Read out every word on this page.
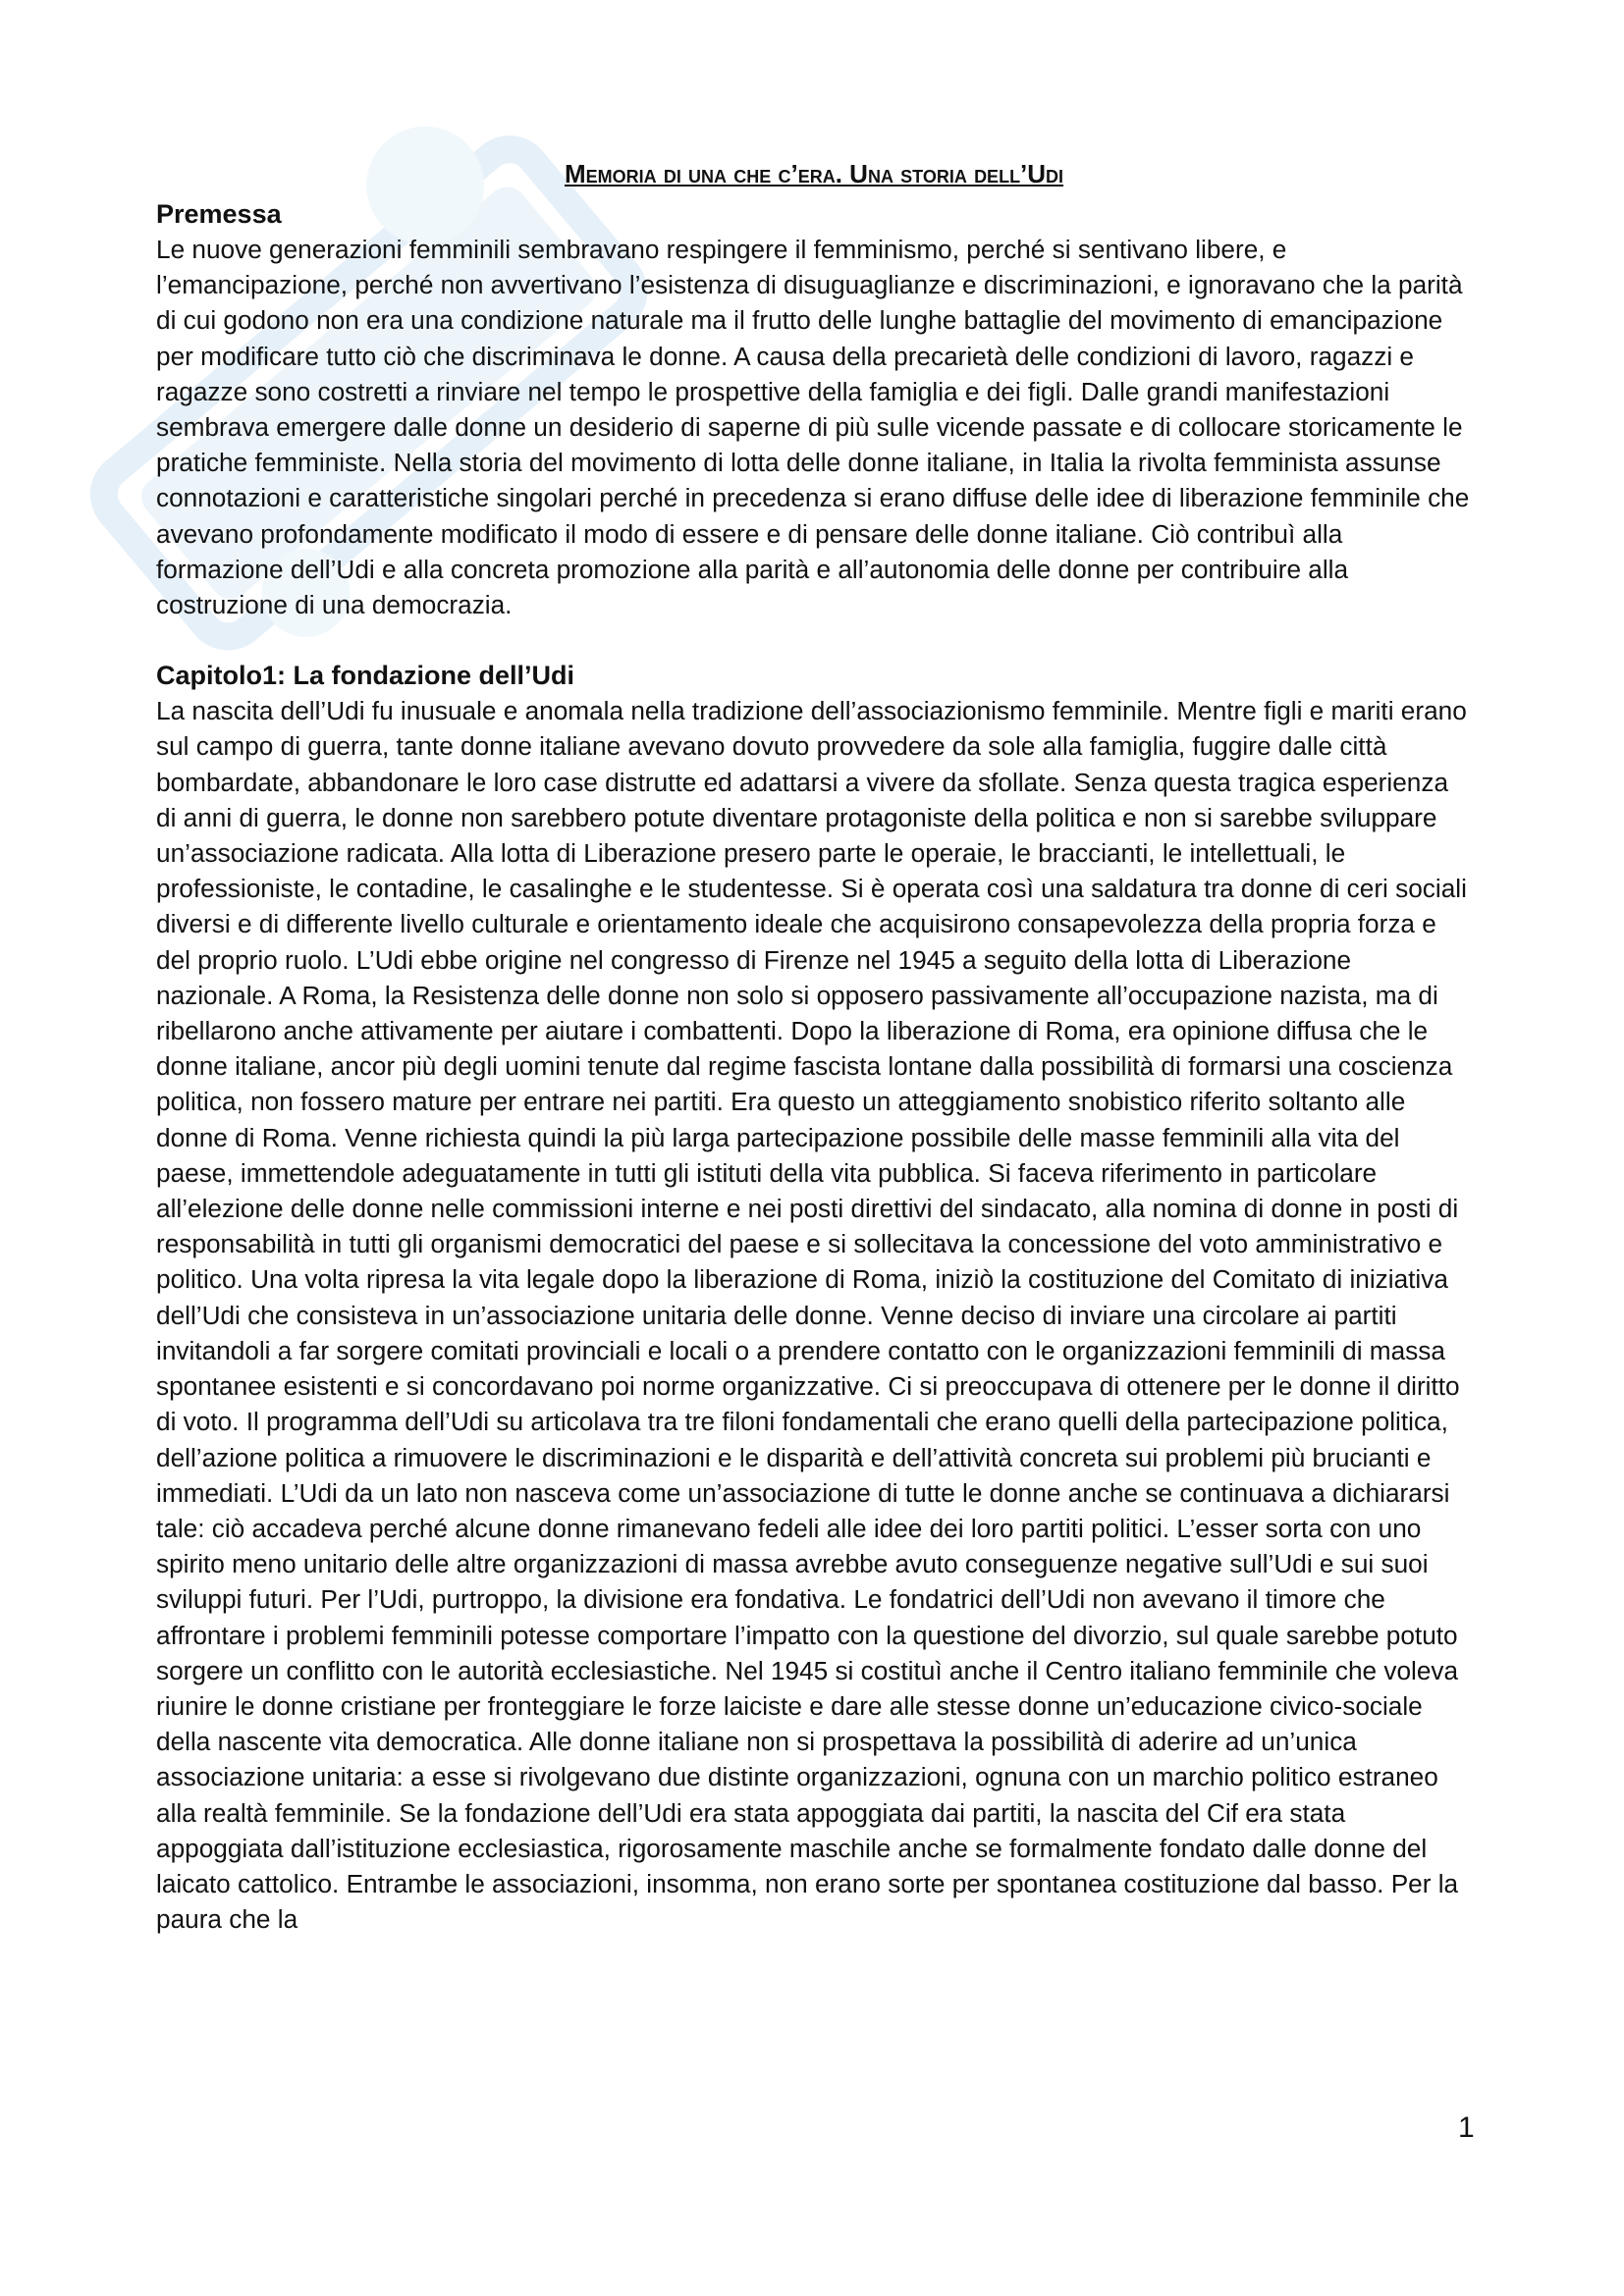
Memoria di una che c’era. Una storia dell’Udi
Premessa

Le nuove generazioni femminili sembravano respingere il femminismo, perché si sentivano libere, e l’emancipazione, perché non avvertivano l’esistenza di disuguaglianze e discriminazioni, e ignoravano che la parità di cui godono non era una condizione naturale ma il frutto delle lunghe battaglie del movimento di emancipazione per modificare tutto ciò che discriminava le donne. A causa della precarietà delle condizioni di lavoro, ragazzi e ragazze sono costretti a rinviare nel tempo le prospettive della famiglia e dei figli. Dalle grandi manifestazioni sembrava emergere dalle donne un desiderio di saperne di più sulle vicende passate e di collocare storicamente le pratiche femministe. Nella storia del movimento di lotta delle donne italiane, in Italia la rivolta femminista assunse connotazioni e caratteristiche singolari perché in precedenza si erano diffuse delle idee di liberazione femminile che avevano profondamente modificato il modo di essere e di pensare delle donne italiane. Ciò contribuì alla formazione dell’Udi e alla concreta promozione alla parità e all’autonomia delle donne per contribuire alla costruzione di una democrazia.

Capitolo1: La fondazione dell’Udi

La nascita dell’Udi fu inusuale e anomala nella tradizione dell’associazionismo femminile. Mentre figli e mariti erano sul campo di guerra, tante donne italiane avevano dovuto provvedere da sole alla famiglia, fuggire dalle città bombardate, abbandonare le loro case distrutte ed adattarsi a vivere da sfollate. Senza questa tragica esperienza di anni di guerra, le donne non sarebbero potute diventare protagoniste della politica e non si sarebbe sviluppare un’associazione radicata. Alla lotta di Liberazione presero parte le operaie, le braccianti, le intellettuali, le professioniste, le contadine, le casalinghe e le studentesse. Si è operata così una saldatura tra donne di ceri sociali diversi e di differente livello culturale e orientamento ideale che acquisirono consapevolezza della propria forza e del proprio ruolo. L’Udi ebbe origine nel congresso di Firenze nel 1945 a seguito della lotta di Liberazione nazionale. A Roma, la Resistenza delle donne non solo si opposero passivamente all’occupazione nazista, ma di ribellarono anche attivamente per aiutare i combattenti. Dopo la liberazione di Roma, era opinione diffusa che le donne italiane, ancor più degli uomini tenute dal regime fascista lontane dalla possibilità di formarsi una coscienza politica, non fossero mature per entrare nei partiti. Era questo un atteggiamento snobistico riferito soltanto alle donne di Roma. Venne richiesta quindi la più larga partecipazione possibile delle masse femminili alla vita del paese, immettendole adeguatamente in tutti gli istituti della vita pubblica. Si faceva riferimento in particolare all’elezione delle donne nelle commissioni interne e nei posti direttivi del sindacato, alla nomina di donne in posti di responsabilità in tutti gli organismi democratici del paese e si sollecitava la concessione del voto amministrativo e politico. Una volta ripresa la vita legale dopo la liberazione di Roma, iniziò la costituzione del Comitato di iniziativa dell’Udi che consisteva in un’associazione unitaria delle donne. Venne deciso di inviare una circolare ai partiti invitandoli a far sorgere comitati provinciali e locali o a prendere contatto con le organizzazioni femminili di massa spontanee esistenti e si concordavano poi norme organizzative. Ci si preoccupava di ottenere per le donne il diritto di voto. Il programma dell’Udi su articolava tra tre filoni fondamentali che erano quelli della partecipazione politica, dell’azione politica a rimuovere le discriminazioni e le disparità e dell’attività concreta sui problemi più brucianti e immediati. L’Udi da un lato non nasceva come un’associazione di tutte le donne anche se continuava a dichiararsi tale: ciò accadeva perché alcune donne rimanevano fedeli alle idee dei loro partiti politici. L’esser sorta con uno spirito meno unitario delle altre organizzazioni di massa avrebbe avuto conseguenze negative sull’Udi e sui suoi sviluppi futuri. Per l’Udi, purtroppo, la divisione era fondativa. Le fondatrici dell’Udi non avevano il timore che affrontare i problemi femminili potesse comportare l’impatto con la questione del divorzio, sul quale sarebbe potuto sorgere un conflitto con le autorità ecclesiastiche. Nel 1945 si costituì anche il Centro italiano femminile che voleva riunire le donne cristiane per fronteggiare le forze laiciste e dare alle stesse donne un’educazione civico-sociale della nascente vita democratica. Alle donne italiane non si prospettava la possibilità di aderire ad un’unica associazione unitaria: a esse si rivolgevano due distinte organizzazioni, ognuna con un marchio politico estraneo alla realtà femminile. Se la fondazione dell’Udi era stata appoggiata dai partiti, la nascita del Cif era stata appoggiata dall’istituzione ecclesiastica, rigorosamente maschile anche se formalmente fondato dalle donne del laicato cattolico. Entrambe le associazioni, insomma, non erano sorte per spontanea costituzione dal basso. Per la paura che la

1
